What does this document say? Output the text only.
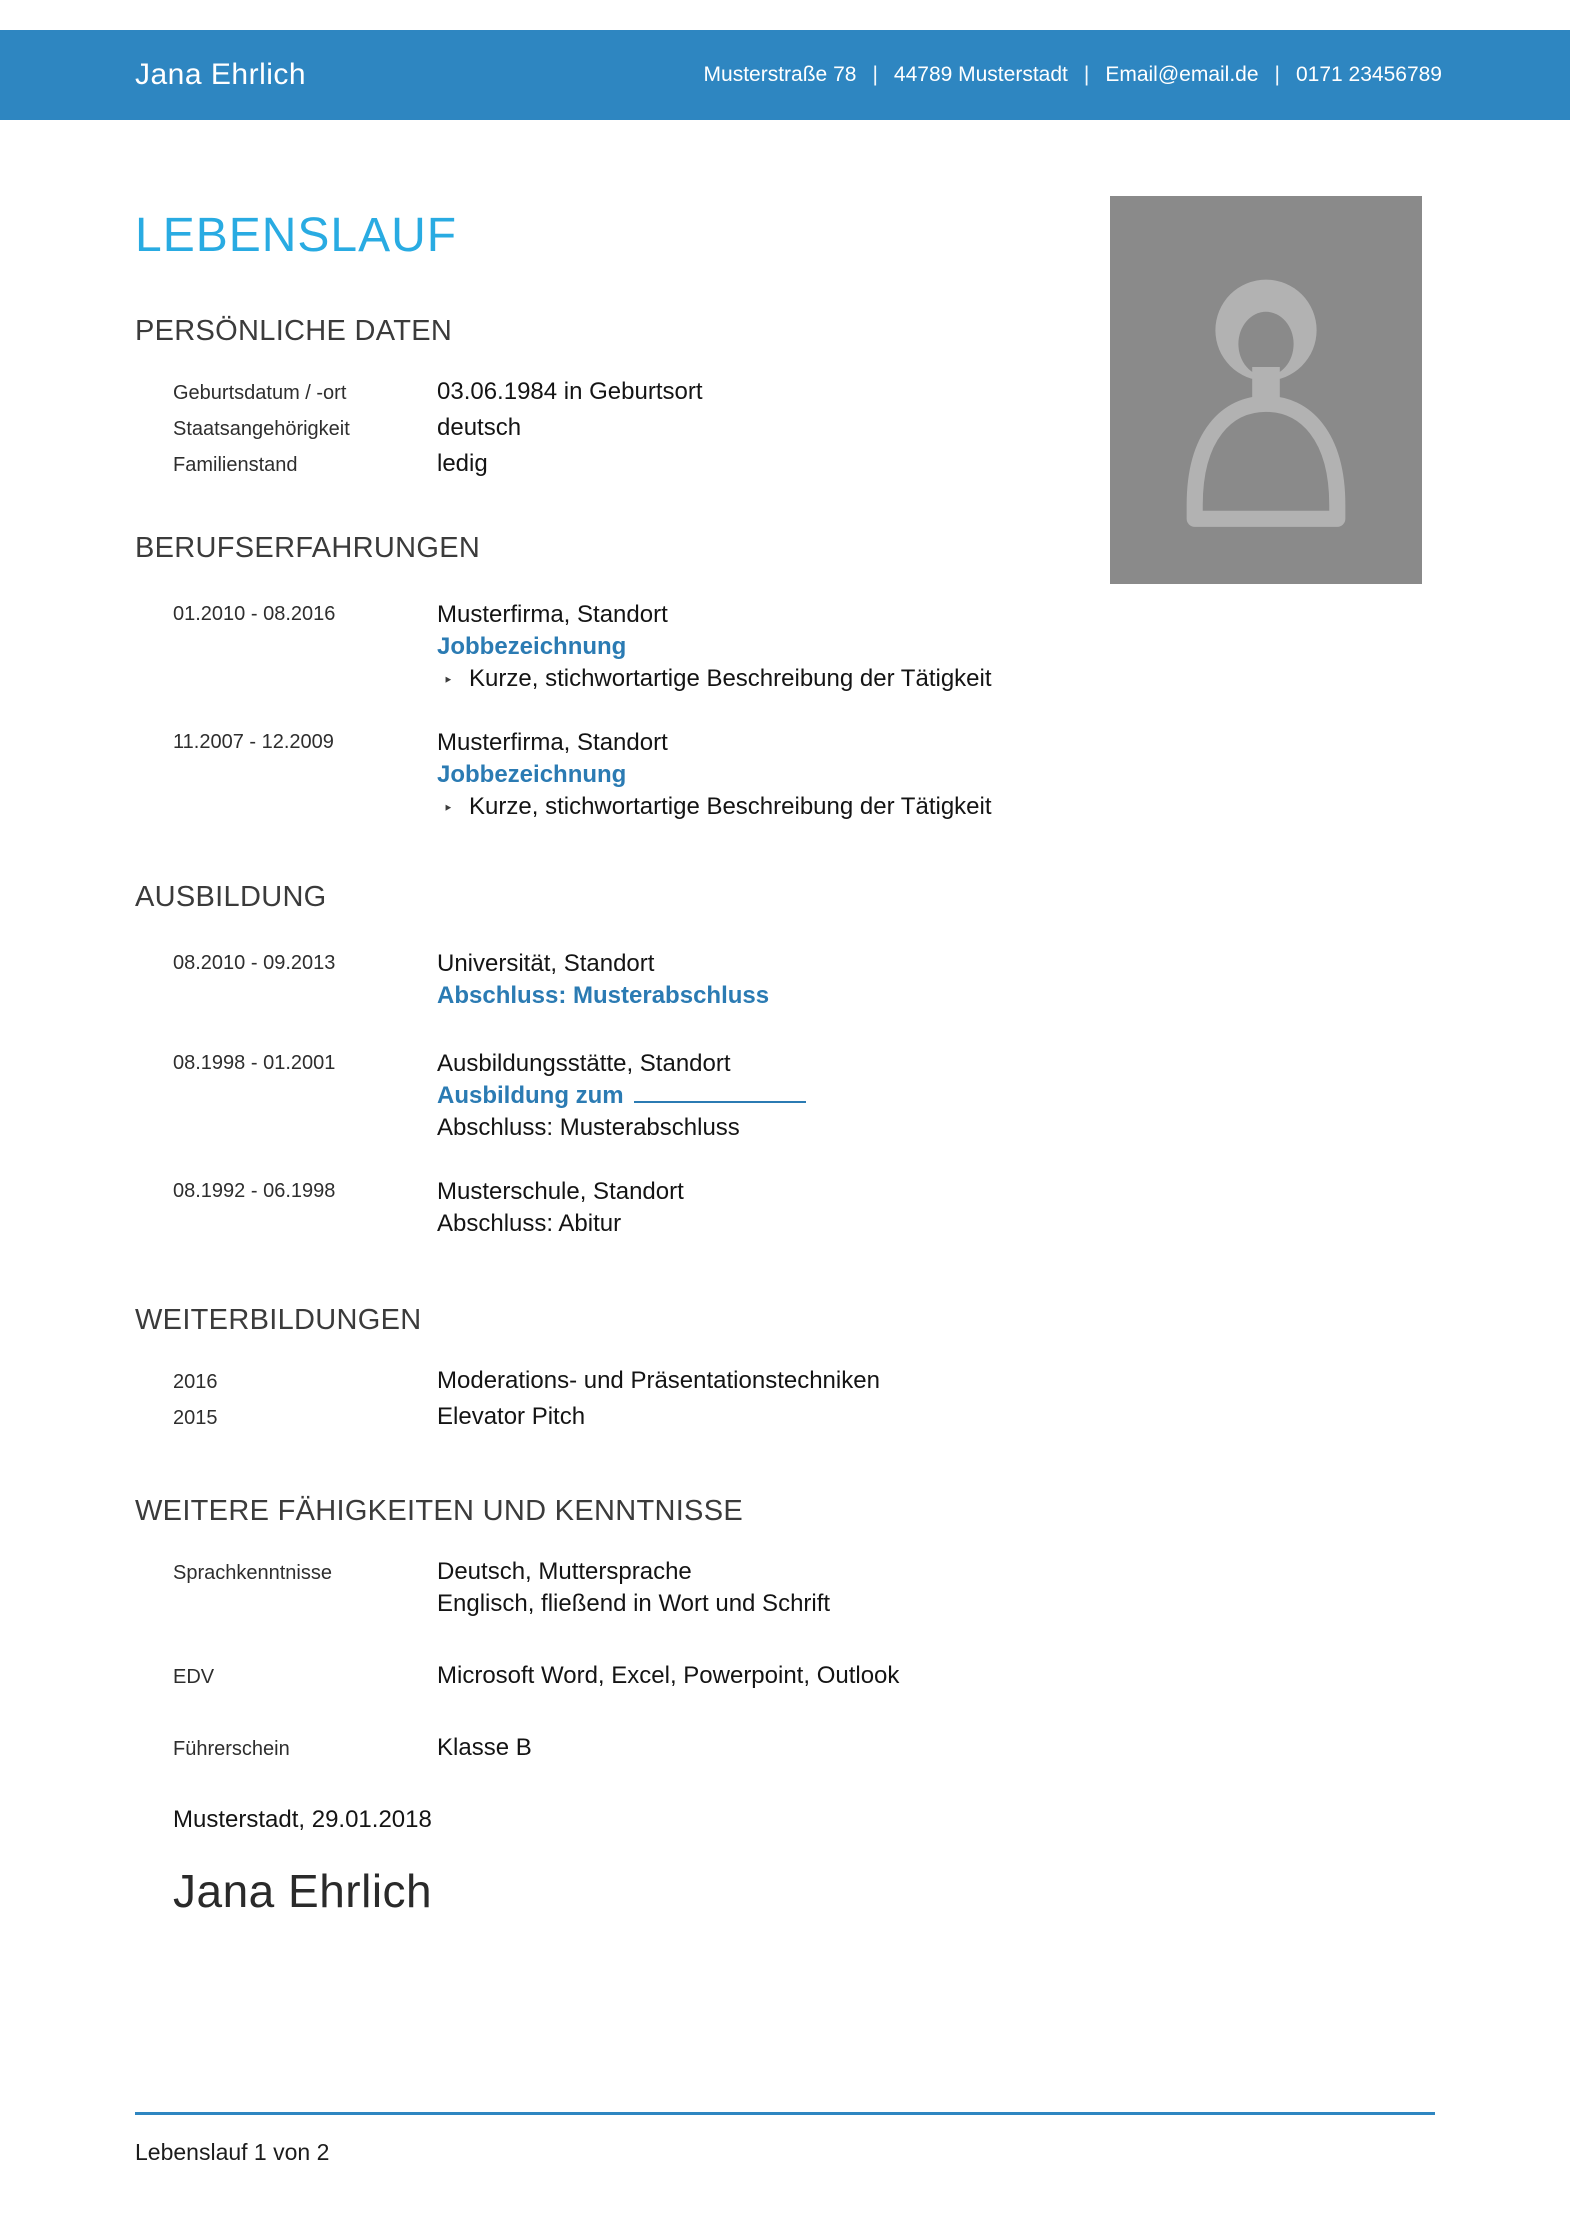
Jana Ehrlich	Musterstraße 78 | 44789 Musterstadt | Email@email.de | 0171 23456789
LEBENSLAUF
PERSÖNLICHE DATEN
Geburtsdatum / -ort	03.06.1984 in Geburtsort
Staatsangehörigkeit	deutsch
Familienstand	ledig
BERUFSERFAHRUNGEN
01.2010 - 08.2016	Musterfirma, Standort
Jobbezeichnung
‣ Kurze, stichwortartige Beschreibung der Tätigkeit
11.2007 - 12.2009	Musterfirma, Standort
Jobbezeichnung
‣ Kurze, stichwortartige Beschreibung der Tätigkeit
AUSBILDUNG
08.2010 - 09.2013	Universität, Standort
Abschluss: Musterabschluss
08.1998 - 01.2001	Ausbildungsstätte, Standort
Ausbildung zum
Abschluss: Musterabschluss
08.1992 - 06.1998	Musterschule, Standort
Abschluss: Abitur
WEITERBILDUNGEN
2016	Moderations- und Präsentationstechniken
2015	Elevator Pitch
WEITERE FÄHIGKEITEN UND KENNTNISSE
Sprachkenntnisse	Deutsch, Muttersprache
Englisch, fließend in Wort und Schrift
EDV	Microsoft Word, Excel, Powerpoint, Outlook
Führerschein	Klasse B
Musterstadt, 29.01.2018
Jana Ehrlich
Lebenslauf 1 von 2
